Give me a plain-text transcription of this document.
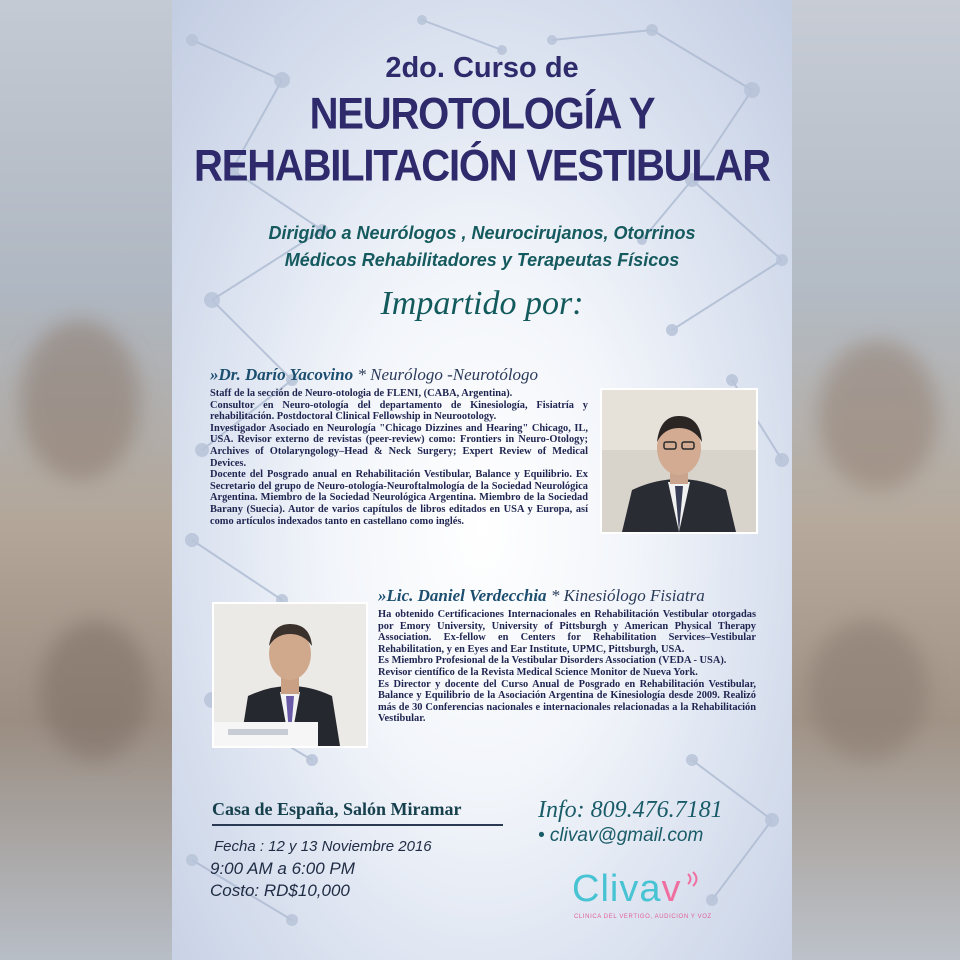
2do. Curso de
NEUROTOLOGÍA Y
REHABILITACIÓN VESTIBULAR
Dirigido a Neurólogos , Neurocirujanos, Otorrinos
Médicos Rehabilitadores y Terapeutas Físicos
Impartido por:
»Dr. Darío Yacovino * Neurólogo -Neurotólogo

Staff de la sección de Neuro-otologia de FLENI, (CABA, Argentina).

Consultor en Neuro-otología del departamento de Kinesiología, Fisiatría y rehabilitación. Postdoctoral Clinical Fellowship in Neurootology.

Investigador Asociado en Neurología "Chicago Dizzines and Hearing" Chicago, IL, USA. Revisor externo de revistas (peer-review) como: Frontiers in Neuro-Otology; Archives of Otolaryngology–Head & Neck Surgery; Expert Review of Medical Devices.

Docente del Posgrado anual en Rehabilitación Vestibular, Balance y Equilibrio. Ex Secretario del grupo de Neuro-otología-Neuroftalmología de la Sociedad Neurológica Argentina. Miembro de la Sociedad Neurológica Argentina. Miembro de la Sociedad Barany (Suecia). Autor de varios capítulos de libros editados en USA y Europa, así como artículos indexados tanto en castellano como inglés.

»Lic. Daniel Verdecchia * Kinesiólogo Fisiatra

Ha obtenido Certificaciones Internacionales en Rehabilitación Vestibular otorgadas por Emory University, University of Pittsburgh y American Physical Therapy Association. Ex-fellow en Centers for Rehabilitation Services–Vestibular Rehabilitation, y en Eyes and Ear Institute, UPMC, Pittsburgh, USA.

Es Miembro Profesional de la Vestibular Disorders Association (VEDA - USA).

Revisor científico de la Revista Medical Science Monitor de Nueva York.

Es Director y docente del Curso Anual de Posgrado en Rehabilitación Vestibular, Balance y Equilibrio de la Asociación Argentina de Kinesiología desde 2009. Realizó más de 30 Conferencias nacionales e internacionales relacionadas a la Rehabilitación Vestibular.

Casa de España, Salón Miramar
Fecha : 12 y 13 Noviembre 2016
9:00 AM a 6:00 PM
Costo: RD$10,000
Info: 809.476.7181
• clivav@gmail.com
Clivav
CLINICA DEL VERTIGO, AUDICION Y VOZ
